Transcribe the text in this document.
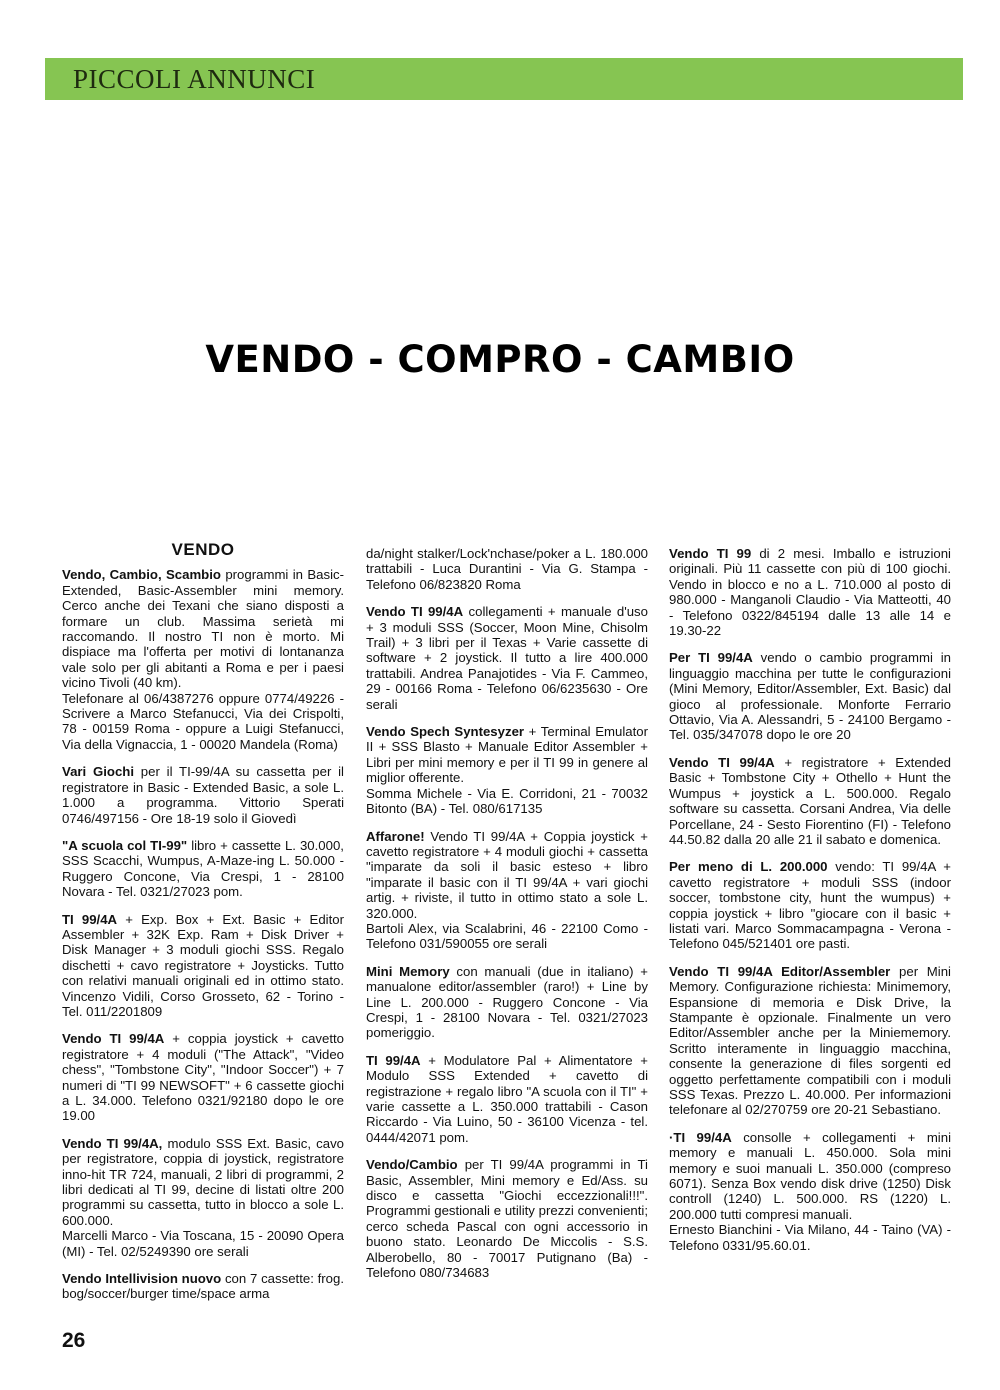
PICCOLI ANNUNCI
VENDO - COMPRO - CAMBIO
VENDO

Vendo, Cambio, Scambio programmi in Basic-Extended, Basic-Assembler mini memory. Cerco anche dei Texani che siano disposti a formare un club. Massima serietà mi raccomando. Il nostro TI non è morto. Mi dispiace ma l'offerta per motivi di lontananza vale solo per gli abitanti a Roma e per i paesi vicino Tivoli (40 km).

Telefonare al 06/4387276 oppure 0774/49226 - Scrivere a Marco Stefanucci, Via dei Crispolti, 78 - 00159 Roma - oppure a Luigi Stefanucci, Via della Vignaccia, 1 - 00020 Mandela (Roma)

Vari Giochi per il TI-99/4A su cassetta per il registratore in Basic - Extended Basic, a sole L. 1.000 a programma. Vittorio Sperati 0746/497156 - Ore 18-19 solo il Giovedì

"A scuola col TI-99" libro + cassette L. 30.000, SSS Scacchi, Wumpus, A-Maze-ing L. 50.000 - Ruggero Concone, Via Crespi, 1 - 28100 Novara - Tel. 0321/27023 pom.

TI 99/4A + Exp. Box + Ext. Basic + Editor Assembler + 32K Exp. Ram + Disk Driver + Disk Manager + 3 moduli giochi SSS. Regalo dischetti + cavo registratore + Joysticks. Tutto con relativi manuali originali ed in ottimo stato. Vincenzo Vidili, Corso Grosseto, 62 - Torino - Tel. 011/2201809

Vendo TI 99/4A + coppia joystick + cavetto registratore + 4 moduli ("The Attack", "Video chess", "Tombstone City", "Indoor Soccer") + 7 numeri di "TI 99 NEWSOFT" + 6 cassette giochi a L. 34.000. Telefono 0321/92180 dopo le ore 19.00

Vendo TI 99/4A, modulo SSS Ext. Basic, cavo per registratore, coppia di joystick, registratore inno-hit TR 724, manuali, 2 libri di programmi, 2 libri dedicati al TI 99, decine di listati oltre 200 programmi su cassetta, tutto in blocco a sole L. 600.000.

Marcelli Marco - Via Toscana, 15 - 20090 Opera (MI) - Tel. 02/5249390 ore serali

Vendo Intellivision nuovo con 7 cassette: frog. bog/soccer/burger time/space arma

da/night stalker/Lock'nchase/poker a L. 180.000 trattabili - Luca Durantini - Via G. Stampa - Telefono 06/823820 Roma

Vendo TI 99/4A collegamenti + manuale d'uso + 3 moduli SSS (Soccer, Moon Mine, Chisolm Trail) + 3 libri per il Texas + Varie cassette di software + 2 joystick. Il tutto a lire 400.000 trattabili. Andrea Panajotides - Via F. Cammeo, 29 - 00166 Roma - Telefono 06/6235630 - Ore serali

Vendo Spech Syntesyzer + Terminal Emulator II + SSS Blasto + Manuale Editor Assembler + Libri per mini memory e per il TI 99 in genere al miglior offerente.

Somma Michele - Via E. Corridoni, 21 - 70032 Bitonto (BA) - Tel. 080/617135

Affarone! Vendo TI 99/4A + Coppia joystick + cavetto registratore + 4 moduli giochi + cassetta "imparate da soli il basic esteso + libro "imparate il basic con il TI 99/4A + vari giochi artig. + riviste, il tutto in ottimo stato a sole L. 320.000.

Bartoli Alex, via Scalabrini, 46 - 22100 Como - Telefono 031/590055 ore serali

Mini Memory con manuali (due in italiano) + manualone editor/assembler (raro!) + Line by Line L. 200.000 - Ruggero Concone - Via Crespi, 1 - 28100 Novara - Tel. 0321/27023 pomeriggio.

TI 99/4A + Modulatore Pal + Alimentatore + Modulo SSS Extended + cavetto di registrazione + regalo libro "A scuola con il TI" + varie cassette a L. 350.000 trattabili - Cason Riccardo - Via Luino, 50 - 36100 Vicenza - tel. 0444/42071 pom.

Vendo/Cambio per TI 99/4A programmi in Ti Basic, Assembler, Mini memory e Ed/Ass. su disco e cassetta "Giochi eccezzionali!!!". Programmi gestionali e utility prezzi convenienti; cerco scheda Pascal con ogni accessorio in buono stato. Leonardo De Miccolis - S.S. Alberobello, 80 - 70017 Putignano (Ba) - Telefono 080/734683

Vendo TI 99 di 2 mesi. Imballo e istruzioni originali. Più 11 cassette con più di 100 giochi. Vendo in blocco e no a L. 710.000 al posto di 980.000 - Manganoli Claudio - Via Matteotti, 40 - Telefono 0322/845194 dalle 13 alle 14 e 19.30-22

Per TI 99/4A vendo o cambio programmi in linguaggio macchina per tutte le configurazioni (Mini Memory, Editor/Assembler, Ext. Basic) dal gioco al professionale. Monforte Ferrario Ottavio, Via A. Alessandri, 5 - 24100 Bergamo - Tel. 035/347078 dopo le ore 20

Vendo TI 99/4A + registratore + Extended Basic + Tombstone City + Othello + Hunt the Wumpus + joystick a L. 500.000. Regalo software su cassetta. Corsani Andrea, Via delle Porcellane, 24 - Sesto Fiorentino (FI) - Telefono 44.50.82 dalla 20 alle 21 il sabato e domenica.

Per meno di L. 200.000 vendo: TI 99/4A + cavetto registratore + moduli SSS (indoor soccer, tombstone city, hunt the wumpus) + coppia joystick + libro "giocare con il basic + listati vari. Marco Sommacampagna - Verona - Telefono 045/521401 ore pasti.

Vendo TI 99/4A Editor/Assembler per Mini Memory. Configurazione richiesta: Minimemory, Espansione di memoria e Disk Drive, la Stampante è opzionale. Finalmente un vero Editor/Assembler anche per la Miniememory. Scritto interamente in linguaggio macchina, consente la generazione di files sorgenti ed oggetto perfettamente compatibili con i moduli SSS Texas. Prezzo L. 40.000. Per informazioni telefonare al 02/270759 ore 20-21 Sebastiano.

·TI 99/4A consolle + collegamenti + mini memory e manuali L. 450.000. Sola mini memory e suoi manuali L. 350.000 (compreso 6071). Senza Box vendo disk drive (1250) Disk controll (1240) L. 500.000. RS (1220) L. 200.000 tutti compresi manuali.

Ernesto Bianchini - Via Milano, 44 - Taino (VA) - Telefono 0331/95.60.01.

26
